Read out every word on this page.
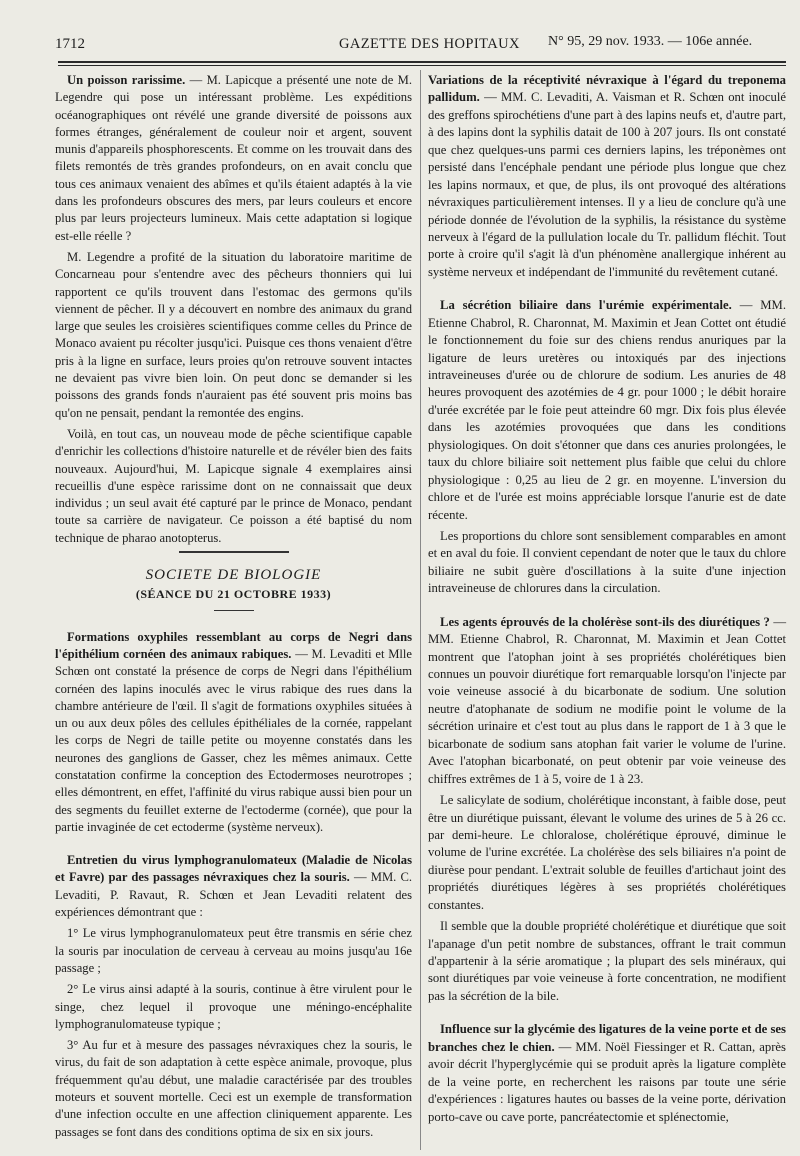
1712	GAZETTE DES HOPITAUX N° 95, 29 nov. 1933. — 106e année.

Un poisson rarissime. — M. Lapicque a présenté une note de M. Legendre qui pose un intéressant problème. Les expéditions océanographiques ont révélé une grande diversité de poissons aux formes étranges, généralement de couleur noir et argent, souvent munis d'appareils phosphorescents. Et comme on les trouvait dans des filets remontés de très grandes profondeurs, on en avait conclu que tous ces animaux venaient des abîmes et qu'ils étaient adaptés à la vie dans les profondeurs obscures des mers, par leurs couleurs et encore plus par leurs projecteurs lumineux. Mais cette adaptation si logique est-elle réelle ?

M. Legendre a profité de la situation du laboratoire maritime de Concarneau pour s'entendre avec des pêcheurs thonniers qui lui rapportent ce qu'ils trouvent dans l'estomac des germons qu'ils viennent de pêcher. Il y a découvert en nombre des animaux du grand large que seules les croisières scientifiques comme celles du Prince de Monaco avaient pu récolter jusqu'ici. Puisque ces thons venaient d'être pris à la ligne en surface, leurs proies qu'on retrouve souvent intactes ne devaient pas vivre bien loin. On peut donc se demander si les poissons des grands fonds n'auraient pas été souvent pris moins bas qu'on ne pensait, pendant la remontée des engins.

Voilà, en tout cas, un nouveau mode de pêche scientifique capable d'enrichir les collections d'histoire naturelle et de révéler bien des faits nouveaux. Aujourd'hui, M. Lapicque signale 4 exemplaires ainsi recueillis d'une espèce rarissime dont on ne connaissait que deux individus ; un seul avait été capturé par le prince de Monaco, pendant toute sa carrière de navigateur. Ce poisson a été baptisé du nom technique de pharao anotopterus.

SOCIETE DE BIOLOGIE
(SÉANCE DU 21 OCTOBRE 1933)

Formations oxyphiles ressemblant au corps de Negri dans l'épithélium cornéen des animaux rabiques. — M. Levaditi et Mlle Schœn ont constaté la présence de corps de Negri dans l'épithélium cornéen des lapins inoculés avec le virus rabique des rues dans la chambre antérieure de l'œil. Il s'agit de formations oxyphiles situées à un ou aux deux pôles des cellules épithéliales de la cornée, rappelant les corps de Negri de taille petite ou moyenne constatés dans les neurones des ganglions de Gasser, chez les mêmes animaux. Cette constatation confirme la conception des Ectodermoses neurotropes ; elles démontrent, en effet, l'affinité du virus rabique aussi bien pour un des segments du feuillet externe de l'ectoderme (cornée), que pour la partie invaginée de cet ectoderme (système nerveux).

Entretien du virus lymphogranulomateux (Maladie de Nicolas et Favre) par des passages névraxiques chez la souris. — MM. C. Levaditi, P. Ravaut, R. Schœn et Jean Levaditi relatent des expériences démontrant que :

1° Le virus lymphogranulomateux peut être transmis en série chez la souris par inoculation de cerveau à cerveau au moins jusqu'au 16e passage ;

2° Le virus ainsi adapté à la souris, continue à être virulent pour le singe, chez lequel il provoque une méningo-encéphalite lymphogranulomateuse typique ;

3° Au fur et à mesure des passages névraxiques chez la souris, le virus, du fait de son adaptation à cette espèce animale, provoque, plus fréquemment qu'au début, une maladie caractérisée par des troubles moteurs et souvent mortelle. Ceci est un exemple de transformation d'une infection occulte en une affection cliniquement apparente. Les passages se font dans des conditions optima de six en six jours.

Variations de la réceptivité névraxique à l'égard du treponema pallidum. — MM. C. Levaditi, A. Vaisman et R. Schœn ont inoculé des greffons spirochétiens d'une part à des lapins neufs et, d'autre part, à des lapins dont la syphilis datait de 100 à 207 jours. Ils ont constaté que chez quelques-uns parmi ces derniers lapins, les tréponèmes ont persisté dans l'encéphale pendant une période plus longue que chez les lapins normaux, et que, de plus, ils ont provoqué des altérations névraxiques particulièrement intenses. Il y a lieu de conclure qu'à une période donnée de l'évolution de la syphilis, la résistance du système nerveux à l'égard de la pullulation locale du Tr. pallidum fléchit. Tout porte à croire qu'il s'agit là d'un phénomène anallergique inhérent au système nerveux et indépendant de l'immunité du revêtement cutané.

La sécrétion biliaire dans l'urémie expérimentale. — MM. Etienne Chabrol, R. Charonnat, M. Maximin et Jean Cottet ont étudié le fonctionnement du foie sur des chiens rendus anuriques par la ligature de leurs uretères ou intoxiqués par des injections intraveineuses d'urée ou de chlorure de sodium. Les anuries de 48 heures provoquent des azotémies de 4 gr. pour 1000 ; le débit horaire d'urée excrétée par le foie peut atteindre 60 mgr. Dix fois plus élevée dans les azotémies provoquées que dans les conditions physiologiques. On doit s'étonner que dans ces anuries prolongées, le taux du chlore biliaire soit nettement plus faible que celui du chlore physiologique : 0,25 au lieu de 2 gr. en moyenne. L'inversion du chlore et de l'urée est moins appréciable lorsque l'anurie est de date récente.

Les proportions du chlore sont sensiblement comparables en amont et en aval du foie. Il convient cependant de noter que le taux du chlore biliaire ne subit guère d'oscillations à la suite d'une injection intraveineuse de chlorures dans la circulation.

Les agents éprouvés de la cholérèse sont-ils des diurétiques ? — MM. Etienne Chabrol, R. Charonnat, M. Maximin et Jean Cottet montrent que l'atophan joint à ses propriétés cholérétiques bien connues un pouvoir diurétique fort remarquable lorsqu'on l'injecte par voie veineuse associé à du bicarbonate de sodium. Une solution neutre d'atophanate de sodium ne modifie point le volume de la sécrétion urinaire et c'est tout au plus dans le rapport de 1 à 3 que le bicarbonate de sodium sans atophan fait varier le volume de l'urine. Avec l'atophan bicarbonaté, on peut obtenir par voie veineuse des chiffres extrêmes de 1 à 5, voire de 1 à 23.

Le salicylate de sodium, cholérétique inconstant, à faible dose, peut être un diurétique puissant, élevant le volume des urines de 5 à 26 cc. par demi-heure. Le chloralose, cholérétique éprouvé, diminue le volume de l'urine excrétée. La cholérèse des sels biliaires n'a point de diurèse pour pendant. L'extrait soluble de feuilles d'artichaut joint des propriétés diurétiques légères à ses propriétés cholérétiques constantes.

Il semble que la double propriété cholérétique et diurétique que soit l'apanage d'un petit nombre de substances, offrant le trait commun d'appartenir à la série aromatique ; la plupart des sels minéraux, qui sont diurétiques par voie veineuse à forte concentration, ne modifient pas la sécrétion de la bile.

Influence sur la glycémie des ligatures de la veine porte et de ses branches chez le chien. — MM. Noël Fiessinger et R. Cattan, après avoir décrit l'hyperglycémie qui se produit après la ligature complète de la veine porte, en recherchent les raisons par toute une série d'expériences : ligatures hautes ou basses de la veine porte, dérivation porto-cave ou cave porte, pancréatectomie et splénectomie,
